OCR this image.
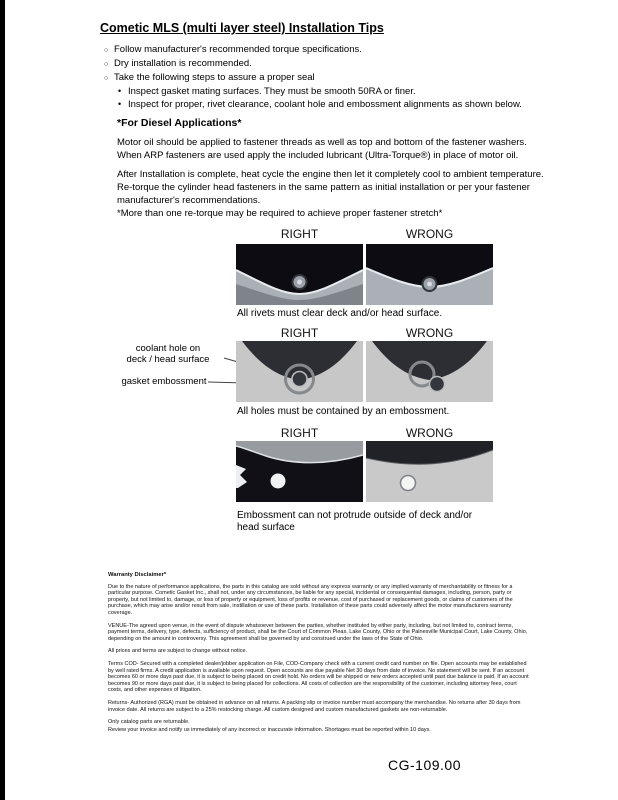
Cometic MLS (multi layer steel) Installation Tips
○ Follow manufacturer's recommended torque specifications.
○ Dry installation is recommended.
○ Take the following steps to assure a proper seal
• Inspect gasket mating surfaces. They must be smooth 50RA or finer.
• Inspect for proper, rivet clearance, coolant hole and embossment alignments as shown below.
*For Diesel Applications*
Motor oil should be applied to fastener threads as well as top and bottom of the fastener washers. When ARP fasteners are used apply the included lubricant (Ultra-Torque®) in place of motor oil.
After Installation is complete, heat cycle the engine then let it completely cool to ambient temperature. Re-torque the cylinder head fasteners in the same pattern as initial installation or per your fastener manufacturer's recommendations.
*More than one re-torque may be required to achieve proper fastener stretch*
RIGHT	WRONG
All rivets must clear deck and/or head surface.
RIGHT	WRONG
coolant hole on
deck / head surface
gasket embossment
All holes must be contained by an embossment.
RIGHT	WRONG
Embossment can not protrude outside of deck and/or head surface
Warranty Disclaimer*

Due to the nature of performance applications, the parts in this catalog are sold without any express warranty or any implied warranty of merchantability or fitness for a particular purpose. Cometic Gasket Inc., shall not, under any circumstances, be liable for any special, incidental or consequential damages, including, person, party or property, but not limited to, damage, or loss of property or equipment, loss of profits or revenue, cost of purchased or replacement goods, or claims of customers of the purchase, which may arise and/or result from sale, instillation or use of these parts. Installation of these parts could adversely affect the motor manufacturers warranty coverage.

VENUE-The agreed upon venue, in the event of dispute whatsoever between the parties, whether instituted by either party, including, but not limited to, contract terms, payment terms, delivery, type, defects, sufficiency of product, shall be the Court of Common Pleas, Lake County, Ohio or the Painesville Municipal Court, Lake County, Ohio, depending on the amount in controversy. This agreement shall be governed by and construed under the laws of the State of Ohio.

All prices and terms are subject to change without notice.

Terms COD- Secured with a completed dealer/jobber application on File, COD-Company check with a current credit card number on file. Open accounts may be established by well rated firms. A credit application is available upon request. Open accounts are due payable Net 30 days from date of invoice. No statement will be sent. If an account becomes 60 or more days past due, it is subject to being placed on credit hold. No orders will be shipped or new orders accepted until past due balance is paid. If an account becomes 90 or more days past due, it is subject to being placed for collections. All costs of collection are the responsibility of the customer, including attorney fees, court costs, and other expenses of litigation.

Returns- Authorized (RGA) must be obtained in advance on all returns. A packing slip or invoice number must accompany the merchandise. No returns after 30 days from invoice date. All returns are subject to a 25% restocking charge. All custom designed and custom manufactured gaskets are non-returnable.

Only catalog parts are returnable.

Review your invoice and notify us immediately of any incorrect or inaccurate information. Shortages must be reported within 10 days.

CG-109.00
